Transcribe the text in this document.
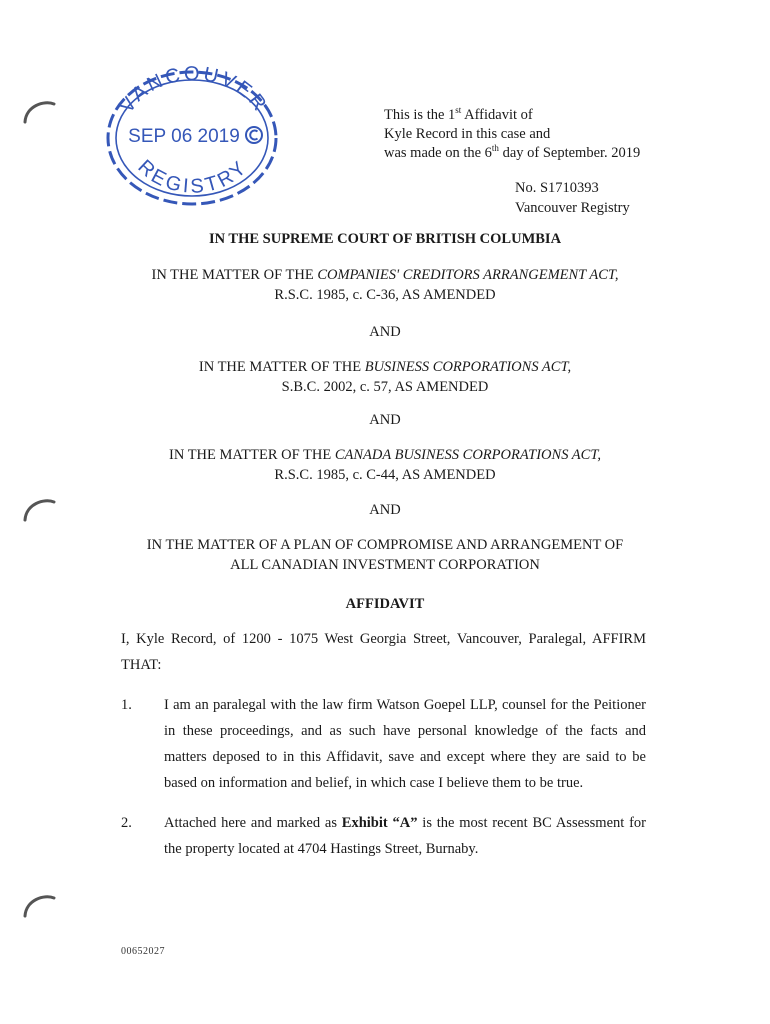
VANCOUVER
REGISTRY
SEP 06 2019
This is the 1st Affidavit of
Kyle Record in this case and
was made on the 6th day of September. 2019
No. S1710393
Vancouver Registry
IN THE SUPREME COURT OF BRITISH COLUMBIA
IN THE MATTER OF THE COMPANIES' CREDITORS ARRANGEMENT ACT,
R.S.C. 1985, c. C-36, AS AMENDED
AND
IN THE MATTER OF THE BUSINESS CORPORATIONS ACT,
S.B.C. 2002, c. 57, AS AMENDED
AND
IN THE MATTER OF THE CANADA BUSINESS CORPORATIONS ACT,
R.S.C. 1985, c. C-44, AS AMENDED
AND
IN THE MATTER OF A PLAN OF COMPROMISE AND ARRANGEMENT OF
ALL CANADIAN INVESTMENT CORPORATION
AFFIDAVIT
I, Kyle Record, of 1200 - 1075 West Georgia Street, Vancouver, Paralegal, AFFIRM THAT:
1. I am an paralegal with the law firm Watson Goepel LLP, counsel for the Peitioner in these proceedings, and as such have personal knowledge of the facts and matters deposed to in this Affidavit, save and except where they are said to be based on information and belief, in which case I believe them to be true.
2. Attached here and marked as Exhibit “A” is the most recent BC Assessment for the property located at 4704 Hastings Street, Burnaby.
00652027
